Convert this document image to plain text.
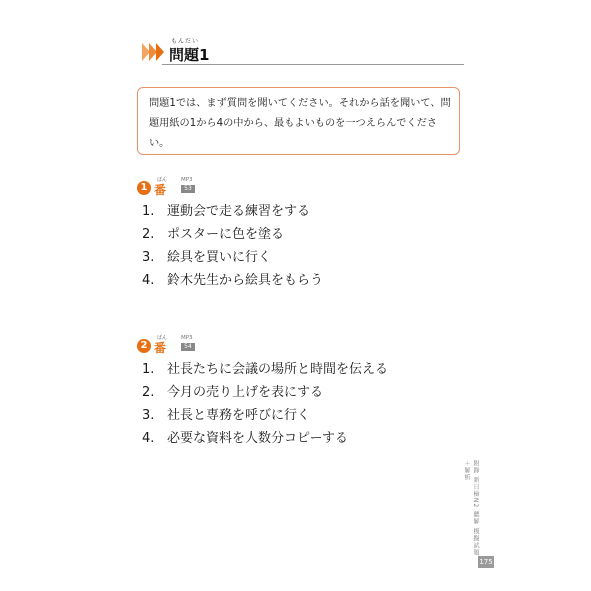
もんだい
問題1
問題1では、まず質問を聞いてください。それから話を聞いて、問題用紙の1から4の中から、最もよいものを一つえらんでください。
1
ばん
番
MP3
53
1. 運動会で走る練習をする
2. ポスターに色を塗る
3. 絵具を買いに行く
4. 鈴木先生から絵具をもらう
2
ばん
番
MP3
54
1. 社長たちに会議の場所と時間を伝える
2. 今月の売り上げを表にする
3. 社長と専務を呼びに行く
4. 必要な資料を人数分コピーする
附錄 新日檢N2 聽解 模擬試題＋解析
175
